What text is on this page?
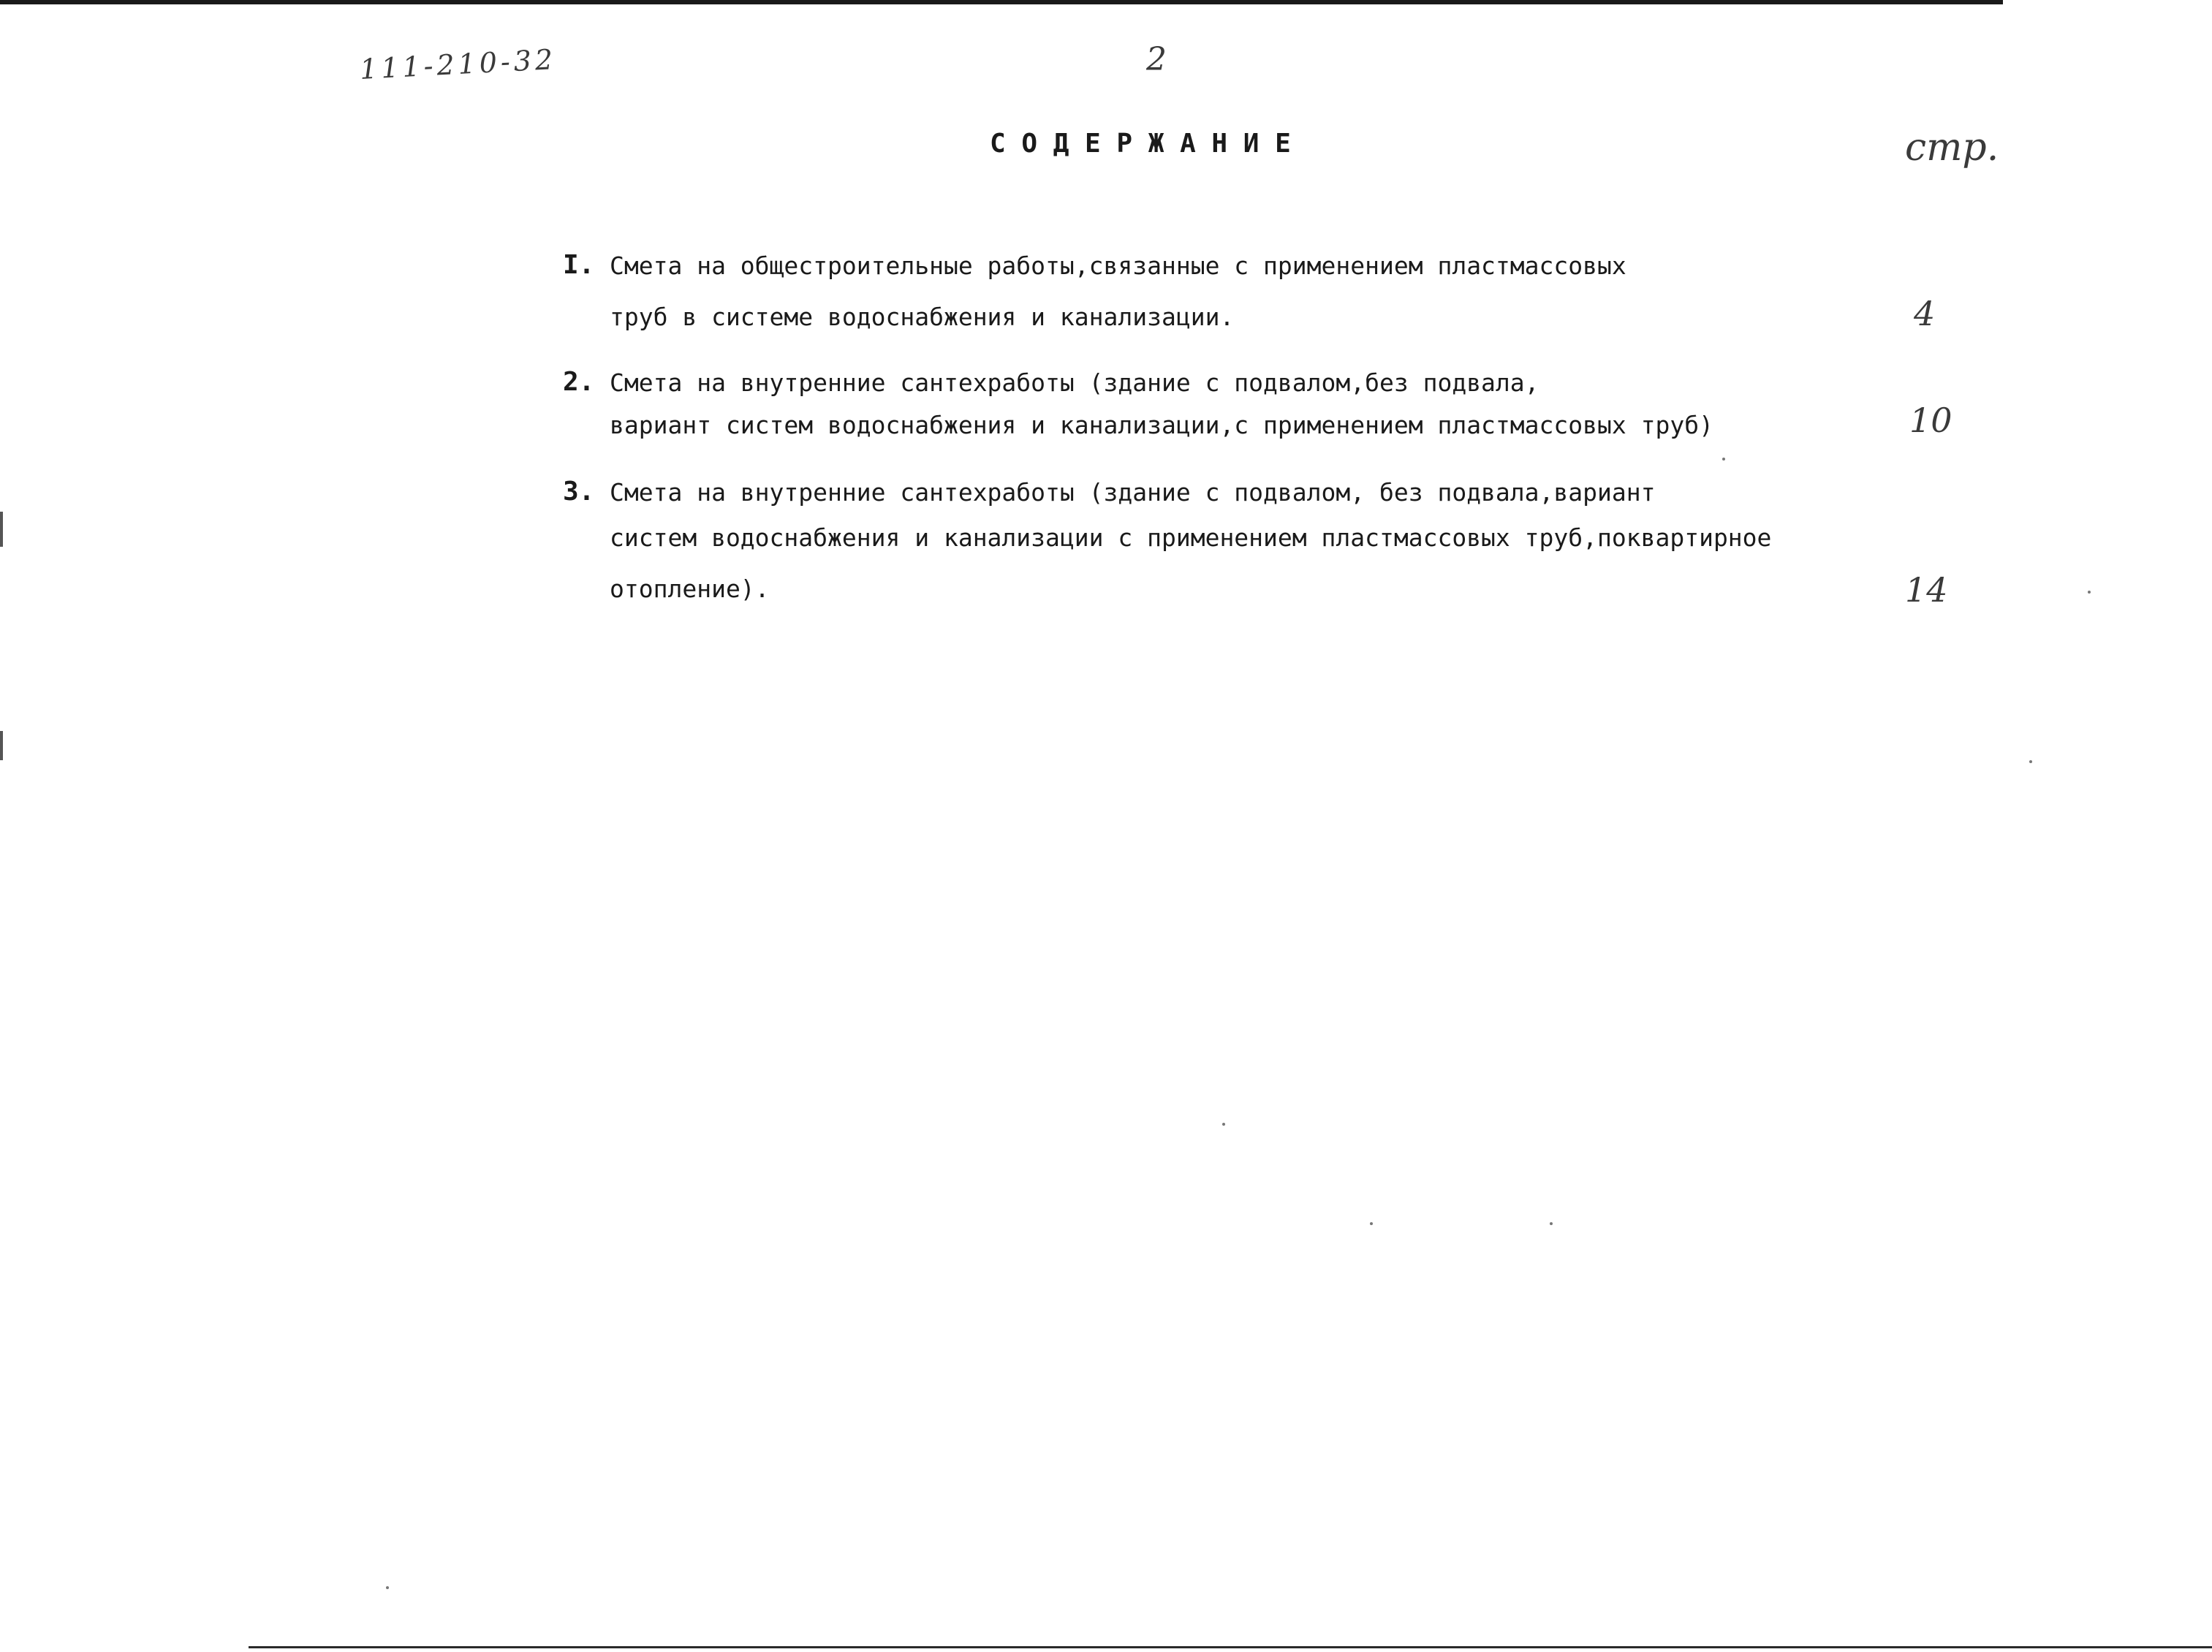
111-210-32	2
стр.
С О Д Е Р Ж А Н И Е
I. Смета на общестроительные работы,связанные с применением пластмассовых
труб в системе водоснабжения и канализации.	4
2. Смета на внутренние сантехработы (здание с подвалом,без подвала,
вариант систем водоснабжения и канализации,с применением пластмассовых труб)	10
3. Смета на внутренние сантехработы (здание с подвалом, без подвала,вариант
систем водоснабжения и канализации с применением пластмассовых труб,поквартирное
отопление).	14
